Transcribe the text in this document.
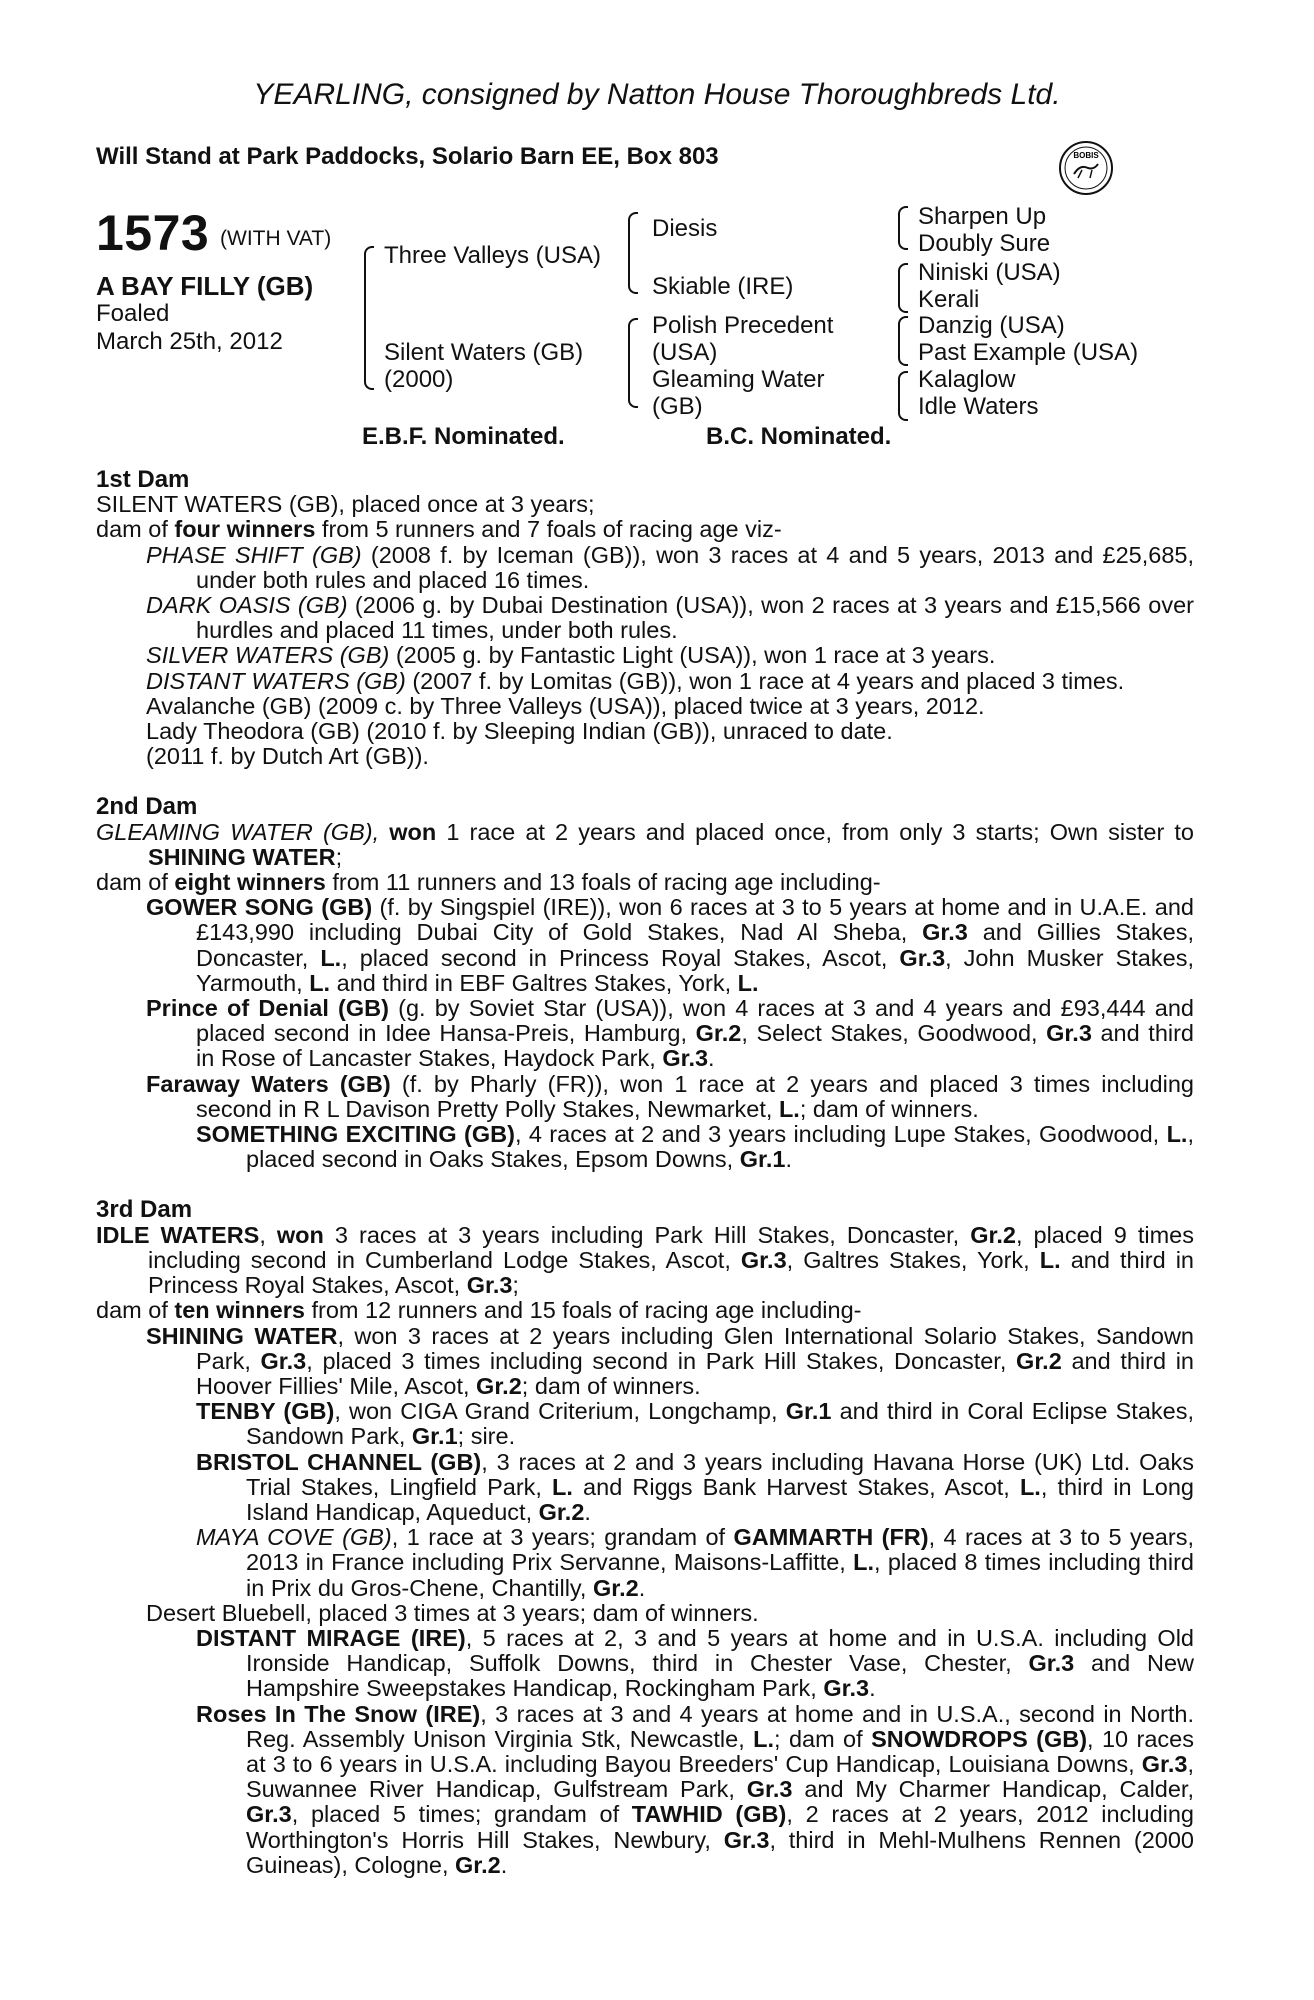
YEARLING, consigned by Natton House Thoroughbreds Ltd.
Will Stand at Park Paddocks, Solario Barn EE, Box 803	BOBIS
1573 (WITH VAT)
A BAY FILLY (GB)
Foaled
March 25th, 2012
Three Valleys (USA)
Silent Waters (GB)
(2000)
Diesis
Skiable (IRE)
Polish Precedent
(USA)
Gleaming Water
(GB)
Sharpen Up
Doubly Sure
Niniski (USA)
Kerali
Danzig (USA)
Past Example (USA)
Kalaglow
Idle Waters
E.B.F. Nominated.	B.C. Nominated.
1st Dam
SILENT WATERS (GB), placed once at 3 years;
dam of four winners from 5 runners and 7 foals of racing age viz-
PHASE SHIFT (GB) (2008 f. by Iceman (GB)), won 3 races at 4 and 5 years, 2013 and £25,685, under both rules and placed 16 times.
DARK OASIS (GB) (2006 g. by Dubai Destination (USA)), won 2 races at 3 years and £15,566 over hurdles and placed 11 times, under both rules.
SILVER WATERS (GB) (2005 g. by Fantastic Light (USA)), won 1 race at 3 years.
DISTANT WATERS (GB) (2007 f. by Lomitas (GB)), won 1 race at 4 years and placed 3 times.
Avalanche (GB) (2009 c. by Three Valleys (USA)), placed twice at 3 years, 2012.
Lady Theodora (GB) (2010 f. by Sleeping Indian (GB)), unraced to date.
(2011 f. by Dutch Art (GB)).
2nd Dam
GLEAMING WATER (GB), won 1 race at 2 years and placed once, from only 3 starts; Own sister to SHINING WATER;
dam of eight winners from 11 runners and 13 foals of racing age including-
GOWER SONG (GB) (f. by Singspiel (IRE)), won 6 races at 3 to 5 years at home and in U.A.E. and £143,990 including Dubai City of Gold Stakes, Nad Al Sheba, Gr.3 and Gillies Stakes, Doncaster, L., placed second in Princess Royal Stakes, Ascot, Gr.3, John Musker Stakes, Yarmouth, L. and third in EBF Galtres Stakes, York, L.
Prince of Denial (GB) (g. by Soviet Star (USA)), won 4 races at 3 and 4 years and £93,444 and placed second in Idee Hansa-Preis, Hamburg, Gr.2, Select Stakes, Goodwood, Gr.3 and third in Rose of Lancaster Stakes, Haydock Park, Gr.3.
Faraway Waters (GB) (f. by Pharly (FR)), won 1 race at 2 years and placed 3 times including second in R L Davison Pretty Polly Stakes, Newmarket, L.; dam of winners.
SOMETHING EXCITING (GB), 4 races at 2 and 3 years including Lupe Stakes, Goodwood, L., placed second in Oaks Stakes, Epsom Downs, Gr.1.
3rd Dam
IDLE WATERS, won 3 races at 3 years including Park Hill Stakes, Doncaster, Gr.2, placed 9 times including second in Cumberland Lodge Stakes, Ascot, Gr.3, Galtres Stakes, York, L. and third in Princess Royal Stakes, Ascot, Gr.3;
dam of ten winners from 12 runners and 15 foals of racing age including-
SHINING WATER, won 3 races at 2 years including Glen International Solario Stakes, Sandown Park, Gr.3, placed 3 times including second in Park Hill Stakes, Doncaster, Gr.2 and third in Hoover Fillies' Mile, Ascot, Gr.2; dam of winners.
TENBY (GB), won CIGA Grand Criterium, Longchamp, Gr.1 and third in Coral Eclipse Stakes, Sandown Park, Gr.1; sire.
BRISTOL CHANNEL (GB), 3 races at 2 and 3 years including Havana Horse (UK) Ltd. Oaks Trial Stakes, Lingfield Park, L. and Riggs Bank Harvest Stakes, Ascot, L., third in Long Island Handicap, Aqueduct, Gr.2.
MAYA COVE (GB), 1 race at 3 years; grandam of GAMMARTH (FR), 4 races at 3 to 5 years, 2013 in France including Prix Servanne, Maisons-Laffitte, L., placed 8 times including third in Prix du Gros-Chene, Chantilly, Gr.2.
Desert Bluebell, placed 3 times at 3 years; dam of winners.
DISTANT MIRAGE (IRE), 5 races at 2, 3 and 5 years at home and in U.S.A. including Old Ironside Handicap, Suffolk Downs, third in Chester Vase, Chester, Gr.3 and New Hampshire Sweepstakes Handicap, Rockingham Park, Gr.3.
Roses In The Snow (IRE), 3 races at 3 and 4 years at home and in U.S.A., second in North. Reg. Assembly Unison Virginia Stk, Newcastle, L.; dam of SNOWDROPS (GB), 10 races at 3 to 6 years in U.S.A. including Bayou Breeders' Cup Handicap, Louisiana Downs, Gr.3, Suwannee River Handicap, Gulfstream Park, Gr.3 and My Charmer Handicap, Calder, Gr.3, placed 5 times; grandam of TAWHID (GB), 2 races at 2 years, 2012 including Worthington's Horris Hill Stakes, Newbury, Gr.3, third in Mehl-Mulhens Rennen (2000 Guineas), Cologne, Gr.2.
